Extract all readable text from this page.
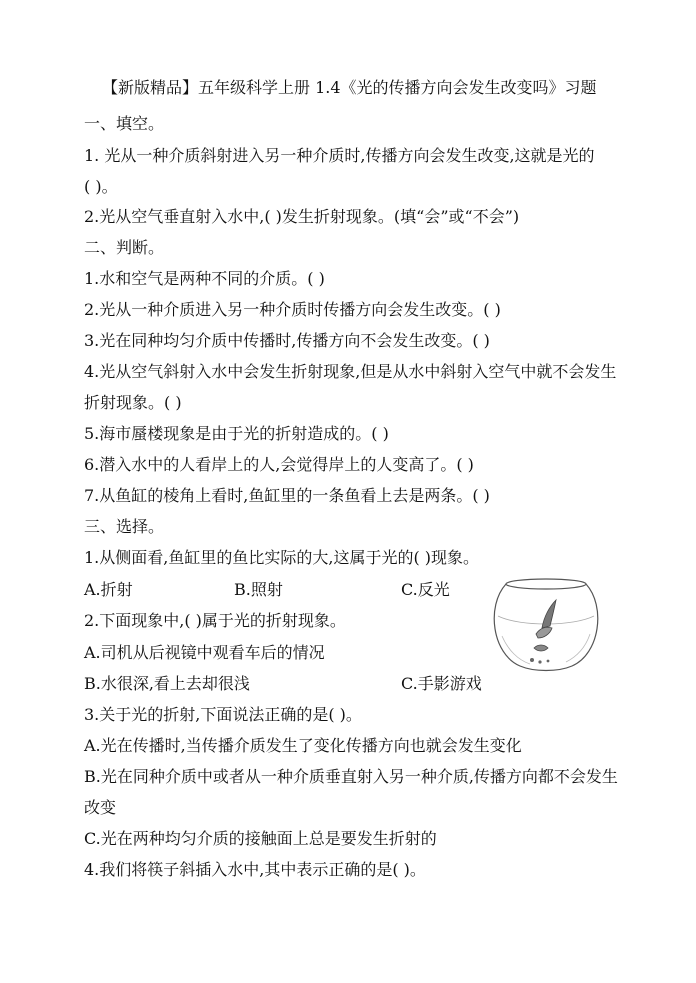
【新版精品】五年级科学上册 1.4《光的传播方向会发生改变吗》习题
一、填空。
1. 光从一种介质斜射进入另一种介质时,传播方向会发生改变,这就是光的
( )。
2.光从空气垂直射入水中,( )发生折射现象。(填“会”或“不会”)
二、判断。
1.水和空气是两种不同的介质。( )
2.光从一种介质进入另一种介质时传播方向会发生改变。( )
3.光在同种均匀介质中传播时,传播方向不会发生改变。( )
4.光从空气斜射入水中会发生折射现象,但是从水中斜射入空气中就不会发生
折射现象。( )
5.海市蜃楼现象是由于光的折射造成的。( )
6.潜入水中的人看岸上的人,会觉得岸上的人变高了。( )
7.从鱼缸的棱角上看时,鱼缸里的一条鱼看上去是两条。( )
三、选择。
1.从侧面看,鱼缸里的鱼比实际的大,这属于光的( )现象。
A.折射	B.照射	C.反光
2.下面现象中,( )属于光的折射现象。
A.司机从后视镜中观看车后的情况
B.水很深,看上去却很浅	C.手影游戏
3.关于光的折射,下面说法正确的是( )。
A.光在传播时,当传播介质发生了变化传播方向也就会发生变化
B.光在同种介质中或者从一种介质垂直射入另一种介质,传播方向都不会发生
改变
C.光在两种均匀介质的接触面上总是要发生折射的
4.我们将筷子斜插入水中,其中表示正确的是( )。
